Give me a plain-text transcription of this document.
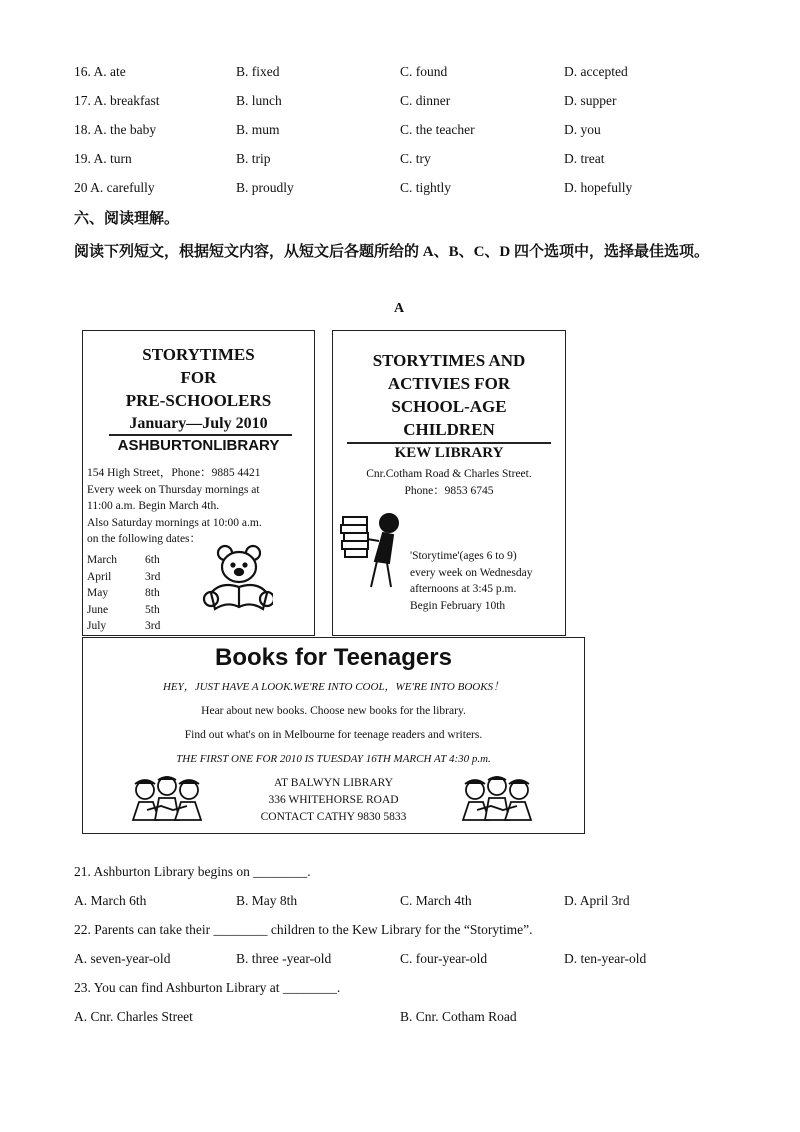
16. A. ate	B. fixed	C. found	D. accepted
17. A. breakfast	B. lunch	C. dinner	D. supper
18. A. the baby	B. mum	C. the teacher	D. you
19. A. turn	B. trip	C. try	D. treat
20 A. carefully	B. proudly	C. tightly	D. hopefully
六、阅读理解。
阅读下列短文，根据短文内容，从短文后各题所给的 A、B、C、D 四个选项中，选择最佳选项。
A
STORYTIMES
FOR
PRE-SCHOOLERS
January—July 2010
ASHBURTONLIBRARY
154 High Street，Phone：9885 4421
Every week on Thursday mornings at
11:00 a.m. Begin March 4th.
Also Saturday mornings at 10:00 a.m.
on the following dates：
March 6th
April	3rd
May	8th
June	5th
July	3rd
STORYTIMES AND
ACTIVIES FOR
SCHOOL-AGE
CHILDREN
KEW LIBRARY
Cnr.Cotham Road & Charles Street.
Phone：9853 6745
'Storytime'(ages 6 to 9)
every week on Wednesday
afternoons at 3:45 p.m.
Begin February 10th
Books for Teenagers
HEY，JUST HAVE A LOOK.WE'RE INTO COOL，WE'RE INTO BOOKS！
Hear about new books. Choose new books for the library.
Find out what's on in Melbourne for teenage readers and writers.
THE FIRST ONE FOR 2010 IS TUESDAY 16TH MARCH AT 4:30 p.m.
AT BALWYN LIBRARY
336 WHITEHORSE ROAD
CONTACT CATHY 9830 5833
21. Ashburton Library begins on ________.
A. March 6th	B. May 8th	C. March 4th	D. April 3rd
22. Parents can take their ________ children to the Kew Library for the “Storytime”.
A. seven-year-old	B. three -year-old	C. four-year-old	D. ten-year-old
23. You can find Ashburton Library at ________.
A. Cnr. Charles Street	B. Cnr. Cotham Road
